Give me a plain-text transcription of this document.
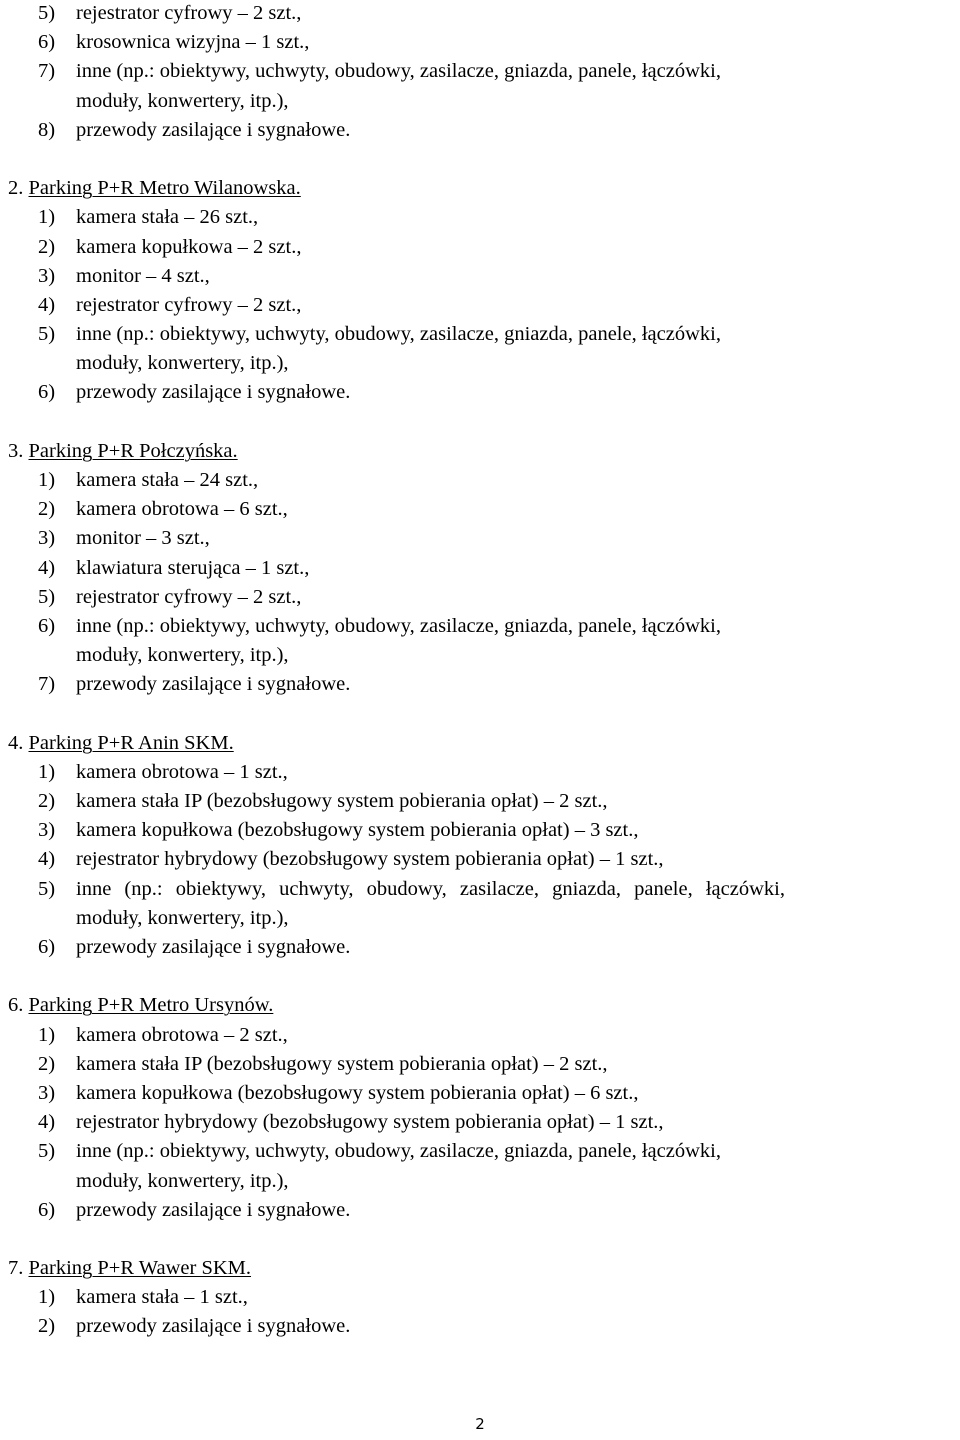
5) rejestrator cyfrowy – 2 szt.,
6) krosownica wizyjna – 1 szt.,
7) inne (np.: obiektywy, uchwyty, obudowy, zasilacze, gniazda, panele, łączówki,
moduły, konwertery, itp.),
8) przewody zasilające i sygnałowe.
2. Parking P+R Metro Wilanowska.
1) kamera stała – 26 szt.,
2) kamera kopułkowa – 2 szt.,
3) monitor – 4 szt.,
4) rejestrator cyfrowy – 2 szt.,
5) inne (np.: obiektywy, uchwyty, obudowy, zasilacze, gniazda, panele, łączówki,
moduły, konwertery, itp.),
6) przewody zasilające i sygnałowe.
3. Parking P+R Połczyńska.
1) kamera stała – 24 szt.,
2) kamera obrotowa – 6 szt.,
3) monitor – 3 szt.,
4) klawiatura sterująca – 1 szt.,
5) rejestrator cyfrowy – 2 szt.,
6) inne (np.: obiektywy, uchwyty, obudowy, zasilacze, gniazda, panele, łączówki,
moduły, konwertery, itp.),
7) przewody zasilające i sygnałowe.
4. Parking P+R Anin SKM.
1) kamera obrotowa – 1 szt.,
2) kamera stała IP (bezobsługowy system pobierania opłat) – 2 szt.,
3) kamera kopułkowa (bezobsługowy system pobierania opłat) – 3 szt.,
4) rejestrator hybrydowy (bezobsługowy system pobierania opłat) – 1 szt.,
5) inne (np.: obiektywy, uchwyty, obudowy, zasilacze, gniazda, panele, łączówki,
moduły, konwertery, itp.),
6) przewody zasilające i sygnałowe.
6. Parking P+R Metro Ursynów.
1) kamera obrotowa – 2 szt.,
2) kamera stała IP (bezobsługowy system pobierania opłat) – 2 szt.,
3) kamera kopułkowa (bezobsługowy system pobierania opłat) – 6 szt.,
4) rejestrator hybrydowy (bezobsługowy system pobierania opłat) – 1 szt.,
5) inne (np.: obiektywy, uchwyty, obudowy, zasilacze, gniazda, panele, łączówki,
moduły, konwertery, itp.),
6) przewody zasilające i sygnałowe.
7. Parking P+R Wawer SKM.
1) kamera stała – 1 szt.,
2) przewody zasilające i sygnałowe.
2
